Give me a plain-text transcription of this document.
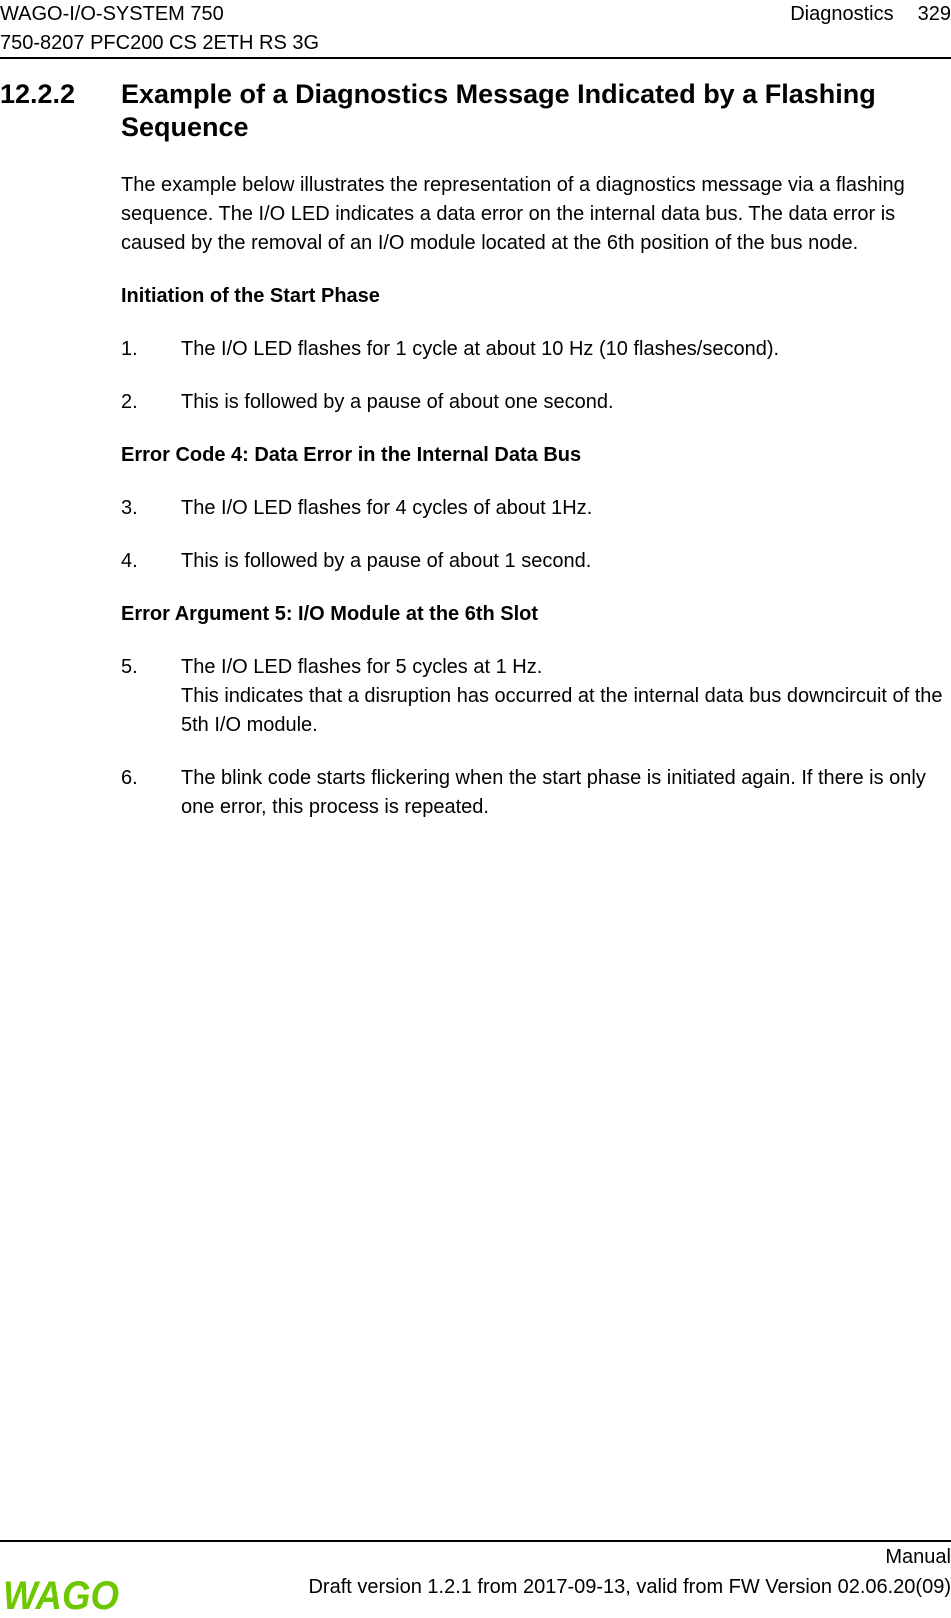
WAGO-I/O-SYSTEM 750
750-8207 PFC200 CS 2ETH RS 3G
Diagnostics 329
12.2.2 Example of a Diagnostics Message Indicated by a Flashing Sequence

The example below illustrates the representation of a diagnostics message via a flashing sequence. The I/O LED indicates a data error on the internal data bus. The data error is caused by the removal of an I/O module located at the 6th position of the bus node.

Initiation of the Start Phase
1.	The I/O LED flashes for 1 cycle at about 10 Hz (10 flashes/second).
2.	This is followed by a pause of about one second.
Error Code 4: Data Error in the Internal Data Bus
3.	The I/O LED flashes for 4 cycles of about 1Hz.
4.	This is followed by a pause of about 1 second.
Error Argument 5: I/O Module at the 6th Slot
5.	The I/O LED flashes for 5 cycles at 1 Hz.
This indicates that a disruption has occurred at the internal data bus downcircuit of the 5th I/O module.
6.	The blink code starts flickering when the start phase is initiated again. If there is only one error, this process is repeated.
Manual
Draft version 1.2.1 from 2017-09-13, valid from FW Version 02.06.20(09)
WAGO
